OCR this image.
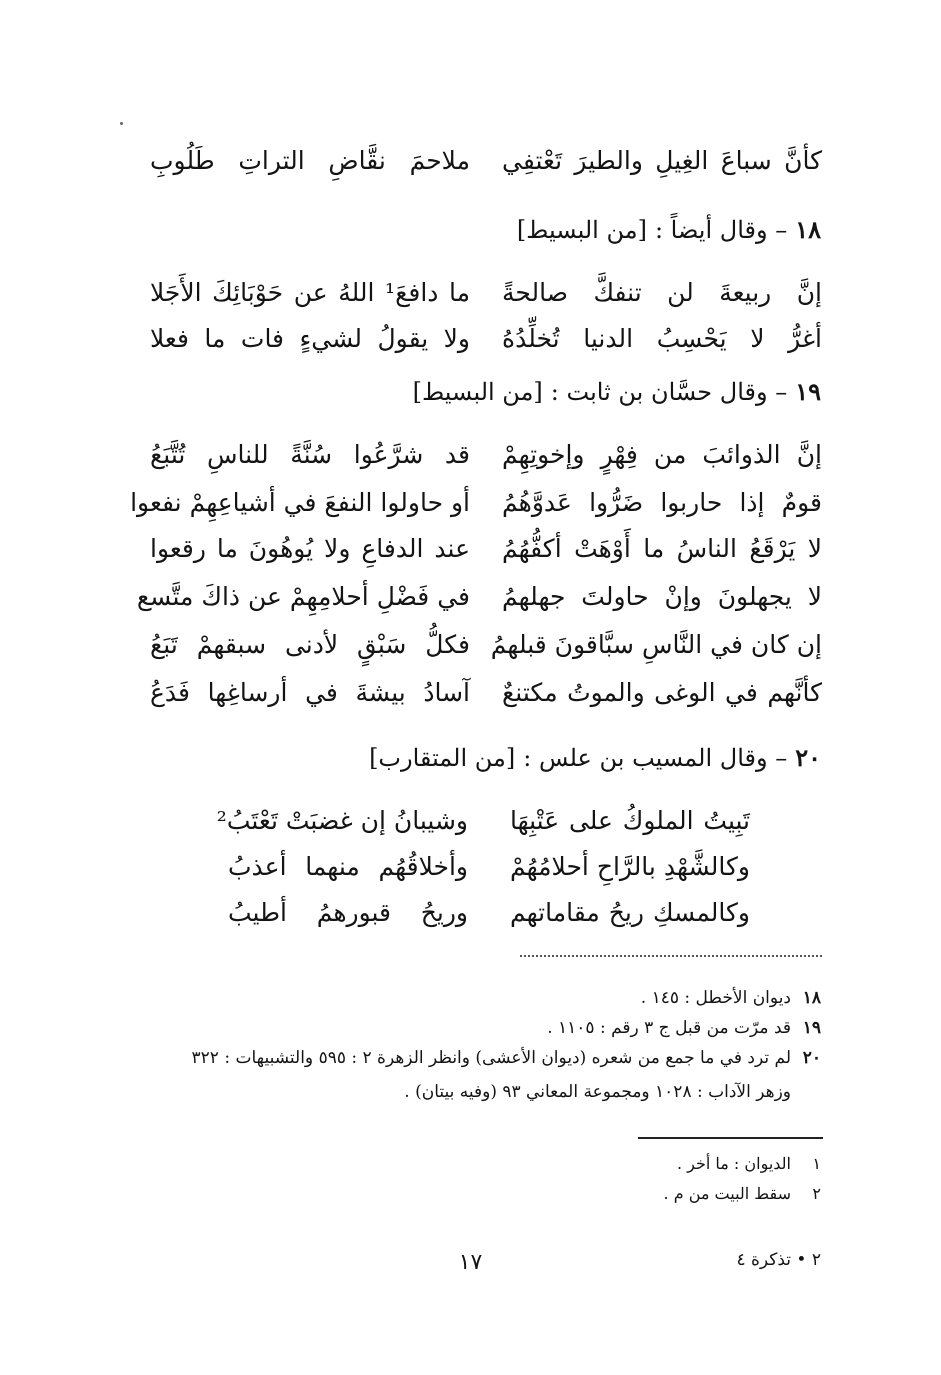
كأنَّ سباعَ الغِيلِ والطيرَ تَعْتفِي
ملاحمَ نقَّاضِ التراتِ طَلُوبِ
١٨– وقال أيضاً :[من البسيط]
إنَّ ربيعةَ لن تنفكَّ صالحةً
ما دافعَ¹ اللهُ عن حَوْبَائِكَ الأَجَلا
أغرُّ لا يَحْسِبُ الدنيا تُخلِّدُهُ
ولا يقولُ لشيءٍ فات ما فعلا
١٩– وقال حسَّان بن ثابت :[من البسيط]
إنَّ الذوائبَ من فِهْرٍ وإخوتِهِمْ
قد شرَّعُوا سُنَّةً للناسِ تُتَّبَعُ
قومٌ إذا حاربوا ضَرُّوا عَدوَّهُمُ
أو حاولوا النفعَ في أشياعِهِمْ نفعوا
لا يَرْقَعُ الناسُ ما أَوْهَتْ أكفُّهُمُ
عند الدفاعِ ولا يُوهُونَ ما رقعوا
لا يجهلونَ وإنْ حاولتَ جهلهمُ
في فَضْلِ أحلامِهِمْ عن ذاكَ متَّسع
إن كان في النَّاسِ سبَّاقونَ قبلهمُ
فكلُّ سَبْقٍ لأدنى سبقهمْ تَبَعُ
كأنَّهم في الوغى والموتُ مكتنعٌ
آسادُ بيشةَ في أرساغِها فَدَعُ
٢٠– وقال المسيب بن علس :[من المتقارب]
تَبِيتُ الملوكُ على عَتْبِهَا
وشيبانُ إن غضبَتْ تَعْتَبُ²
وكالشَّهْدِ بالرَّاحِ أحلامُهُمْ
وأخلاقُهُم منهما أعذبُ
وكالمسكِ ريحُ مقاماتهم
وريحُ قبورهمُ أطيبُ
١٨ديوان الأخطل : ١٤٥ .
١٩قد مرّت من قبل ج ٣ رقم : ١١٠٥ .
٢٠لم ترد في ما جمع من شعره (ديوان الأعشى) وانظر الزهرة ٢ : ٥٩٥ والتشبيهات : ٣٢٢
وزهر الآداب : ١٠٢٨ ومجموعة المعاني ٩٣ (وفيه بيتان) .
١الديوان : ما أخر .
٢سقط البيت من م .
٢ • تذكرة ٤
١٧
